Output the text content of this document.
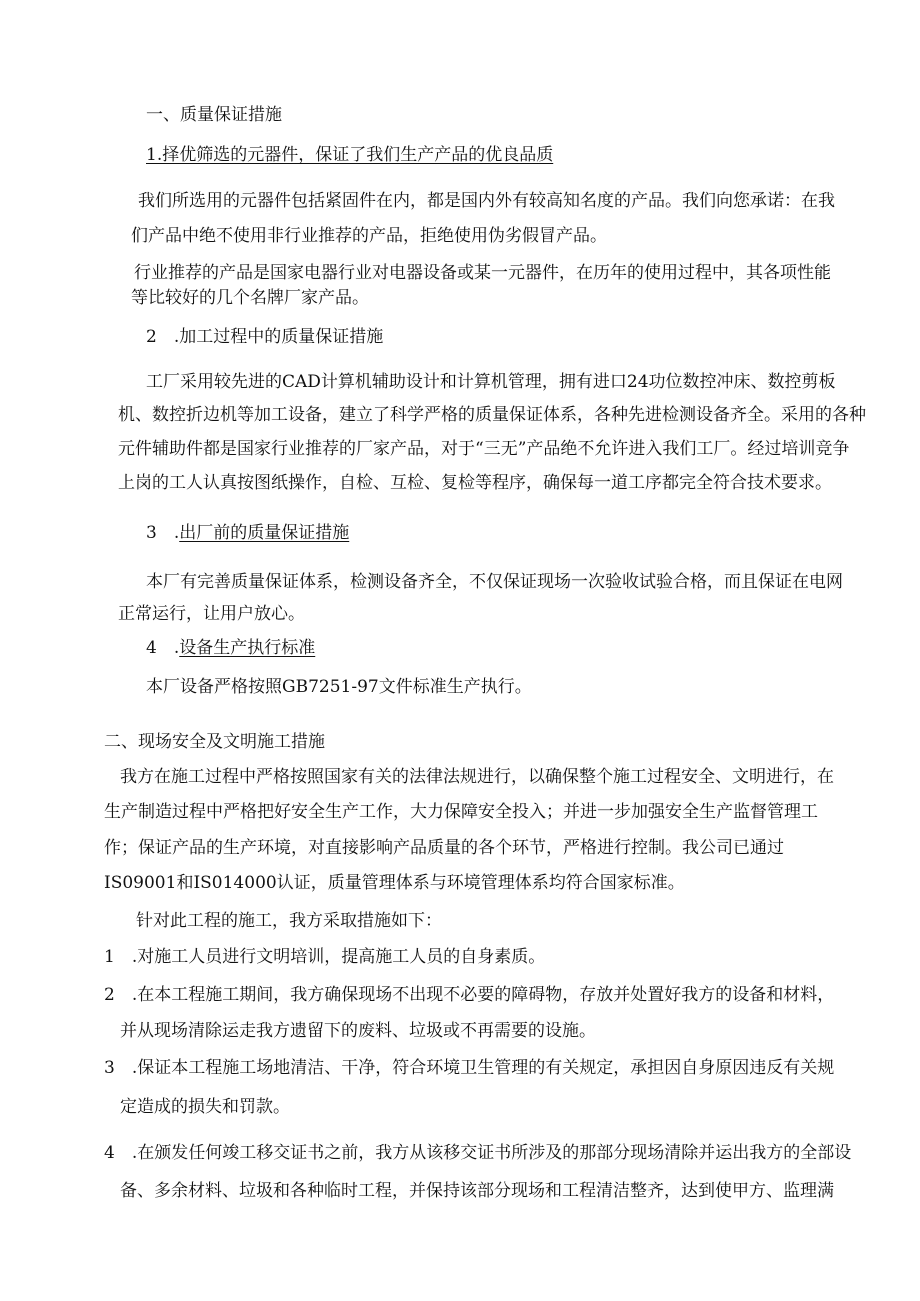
一、质量保证措施
1.择优筛选的元器件，保证了我们生产产品的优良品质
我们所选用的元器件包括紧固件在内，都是国内外有较高知名度的产品。我们向您承诺：在我
们产品中绝不使用非行业推荐的产品，拒绝使用伪劣假冒产品。
行业推荐的产品是国家电器行业对电器设备或某一元器件，在历年的使用过程中，其各项性能
等比较好的几个名牌厂家产品。
2　.加工过程中的质量保证措施
工厂采用较先进的CAD计算机辅助设计和计算机管理，拥有进口24功位数控冲床、数控剪板
机、数控折边机等加工设备，建立了科学严格的质量保证体系，各种先进检测设备齐全。采用的各种
元件辅助件都是国家行业推荐的厂家产品，对于“三无”产品绝不允许进入我们工厂。经过培训竞争
上岗的工人认真按图纸操作，自检、互检、复检等程序，确保每一道工序都完全符合技术要求。
3　.出厂前的质量保证措施
本厂有完善质量保证体系，检测设备齐全，不仅保证现场一次验收试验合格，而且保证在电网
正常运行，让用户放心。
4　.设备生产执行标准
本厂设备严格按照GB7251-97文件标准生产执行。
二、现场安全及文明施工措施
我方在施工过程中严格按照国家有关的法律法规进行，以确保整个施工过程安全、文明进行，在
生产制造过程中严格把好安全生产工作，大力保障安全投入；并进一步加强安全生产监督管理工
作；保证产品的生产环境，对直接影响产品质量的各个环节，严格进行控制。我公司已通过
IS09001和IS014000认证，质量管理体系与环境管理体系均符合国家标准。
针对此工程的施工，我方采取措施如下：
1　.对施工人员进行文明培训，提高施工人员的自身素质。
2　.在本工程施工期间，我方确保现场不出现不必要的障碍物，存放并处置好我方的设备和材料，
并从现场清除运走我方遗留下的废料、垃圾或不再需要的设施。
3　.保证本工程施工场地清洁、干净，符合环境卫生管理的有关规定，承担因自身原因违反有关规
定造成的损失和罚款。
4　.在颁发任何竣工移交证书之前，我方从该移交证书所涉及的那部分现场清除并运出我方的全部设
备、多余材料、垃圾和各种临时工程，并保持该部分现场和工程清洁整齐，达到使甲方、监理满
